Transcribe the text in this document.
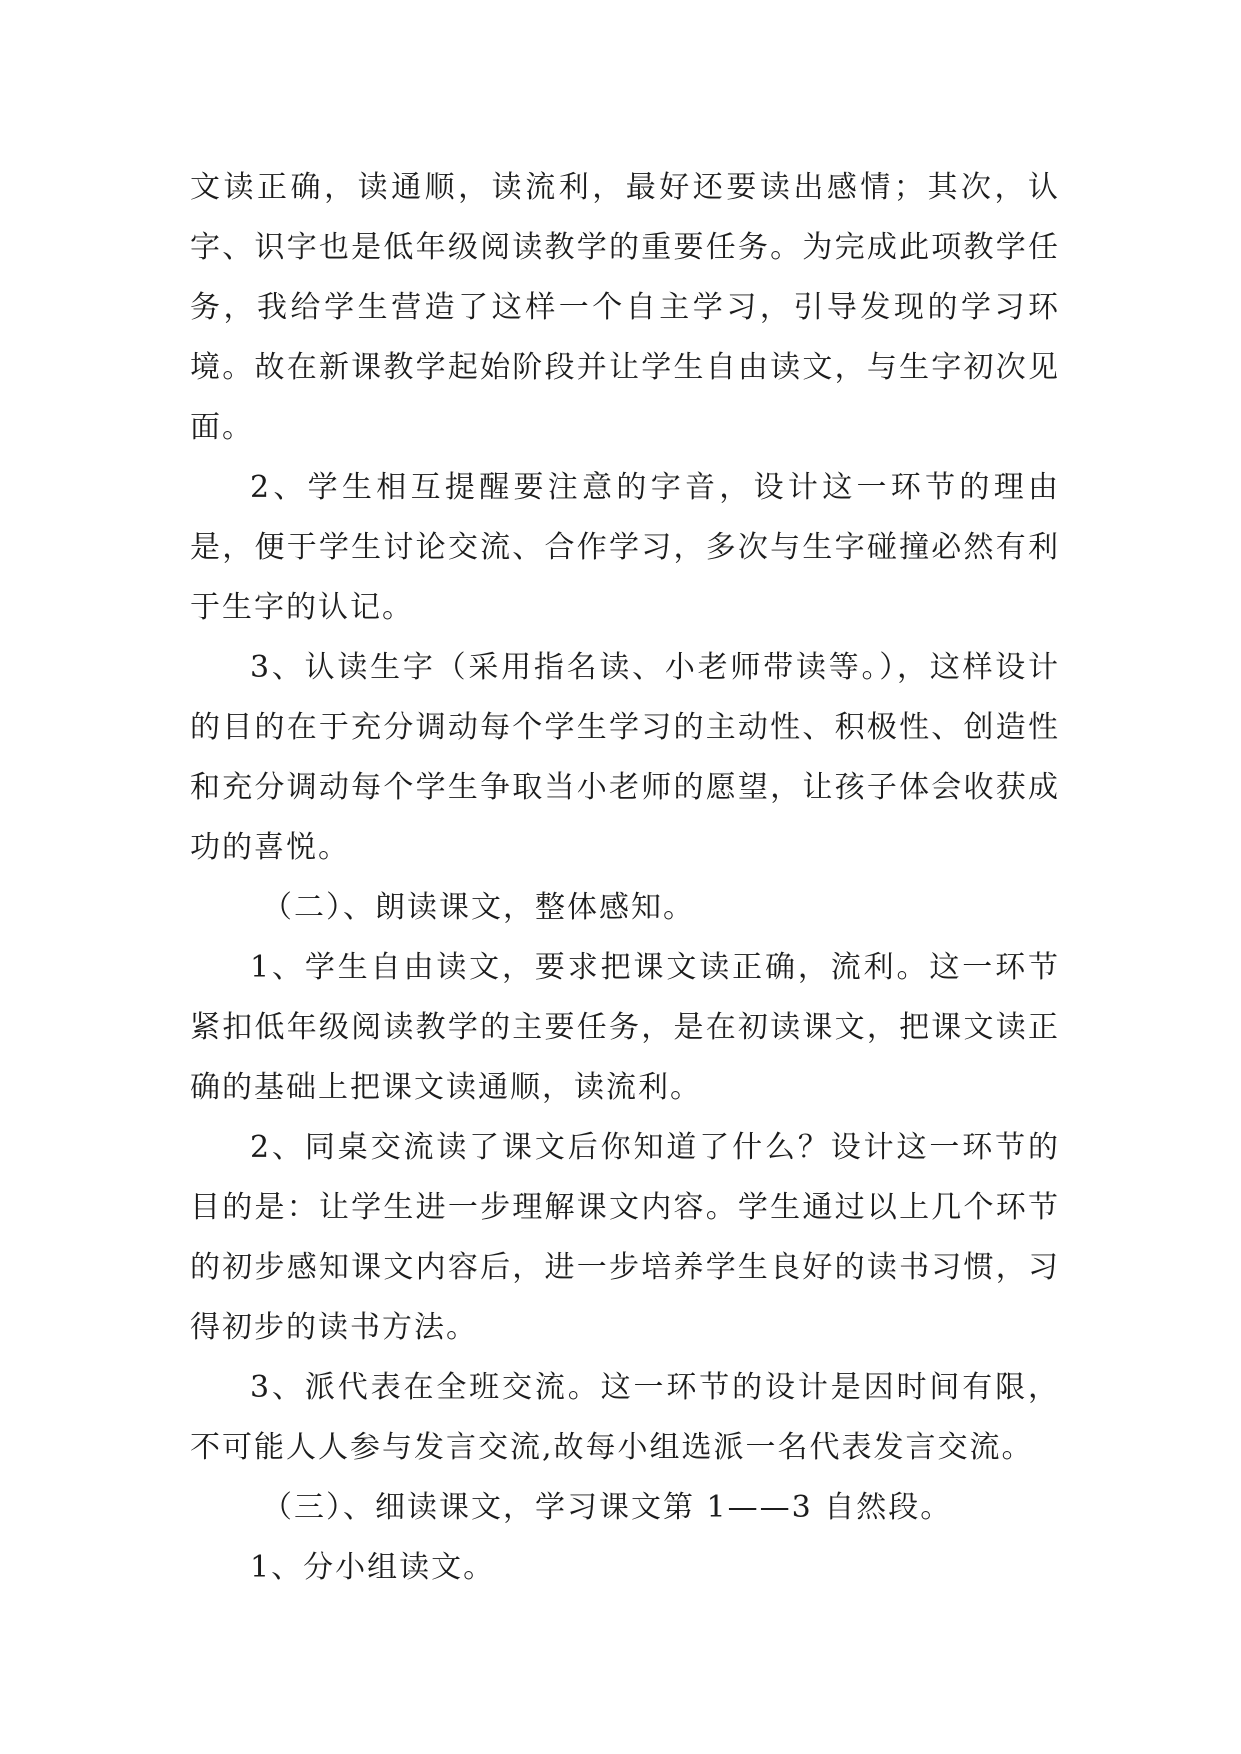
文读正确，读通顺，读流利，最好还要读出感情；其次，认字、识字也是低年级阅读教学的重要任务。为完成此项教学任务，我给学生营造了这样一个自主学习，引导发现的学习环境。故在新课教学起始阶段并让学生自由读文，与生字初次见面。

2、学生相互提醒要注意的字音，设计这一环节的理由是，便于学生讨论交流、合作学习，多次与生字碰撞必然有利于生字的认记。

3、认读生字（采用指名读、小老师带读等。），这样设计的目的在于充分调动每个学生学习的主动性、积极性、创造性和充分调动每个学生争取当小老师的愿望，让孩子体会收获成功的喜悦。

（二）、朗读课文，整体感知。

1、学生自由读文，要求把课文读正确，流利。这一环节紧扣低年级阅读教学的主要任务，是在初读课文，把课文读正确的基础上把课文读通顺，读流利。

2、同桌交流读了课文后你知道了什么？设计这一环节的目的是：让学生进一步理解课文内容。学生通过以上几个环节的初步感知课文内容后，进一步培养学生良好的读书习惯，习得初步的读书方法。

3、派代表在全班交流。这一环节的设计是因时间有限，不可能人人参与发言交流,故每小组选派一名代表发言交流。

（三）、细读课文，学习课文第 1——3 自然段。

1、分小组读文。
